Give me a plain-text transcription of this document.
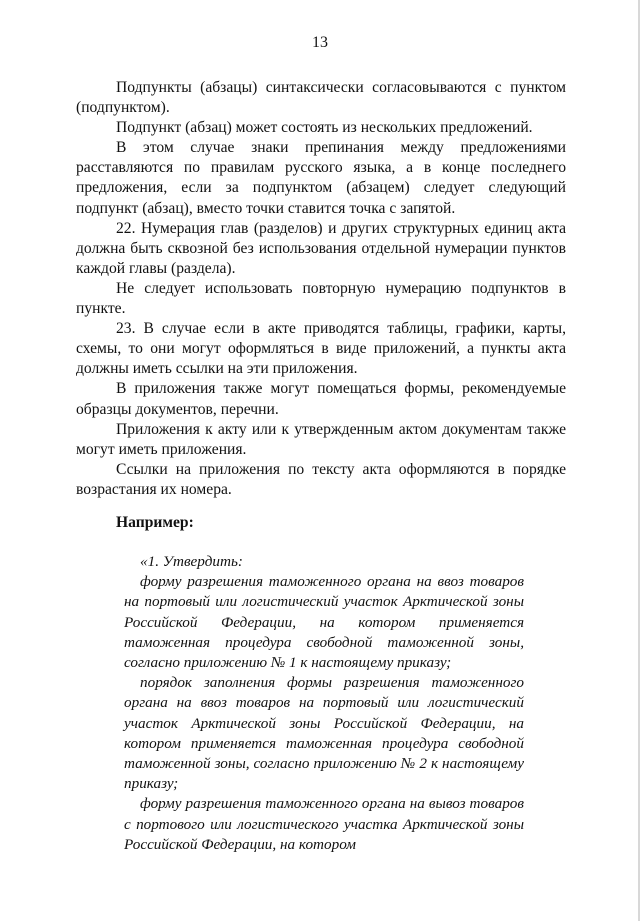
13

Подпункты (абзацы) синтаксически согласовываются с пунктом (подпунктом).

Подпункт (абзац) может состоять из нескольких предложений.

В этом случае знаки препинания между предложениями расставляются по правилам русского языка, а в конце последнего предложения, если за подпунктом (абзацем) следует следующий подпункт (абзац), вместо точки ставится точка с запятой.

22. Нумерация глав (разделов) и других структурных единиц акта должна быть сквозной без использования отдельной нумерации пунктов каждой главы (раздела).

Не следует использовать повторную нумерацию подпунктов в пункте.

23. В случае если в акте приводятся таблицы, графики, карты, схемы, то они могут оформляться в виде приложений, а пункты акта должны иметь ссылки на эти приложения.

В приложения также могут помещаться формы, рекомендуемые образцы документов, перечни.

Приложения к акту или к утвержденным актом документам также могут иметь приложения.

Ссылки на приложения по тексту акта оформляются в порядке возрастания их номера.

Например:

«1. Утвердить:

форму разрешения таможенного органа на ввоз товаров на портовый или логистический участок Арктической зоны Российской Федерации, на котором применяется таможенная процедура свободной таможенной зоны, согласно приложению № 1 к настоящему приказу;

порядок заполнения формы разрешения таможенного органа на ввоз товаров на портовый или логистический участок Арктической зоны Российской Федерации, на котором применяется таможенная процедура свободной таможенной зоны, согласно приложению № 2 к настоящему приказу;

форму разрешения таможенного органа на вывоз товаров с портового или логистического участка Арктической зоны Российской Федерации, на котором
